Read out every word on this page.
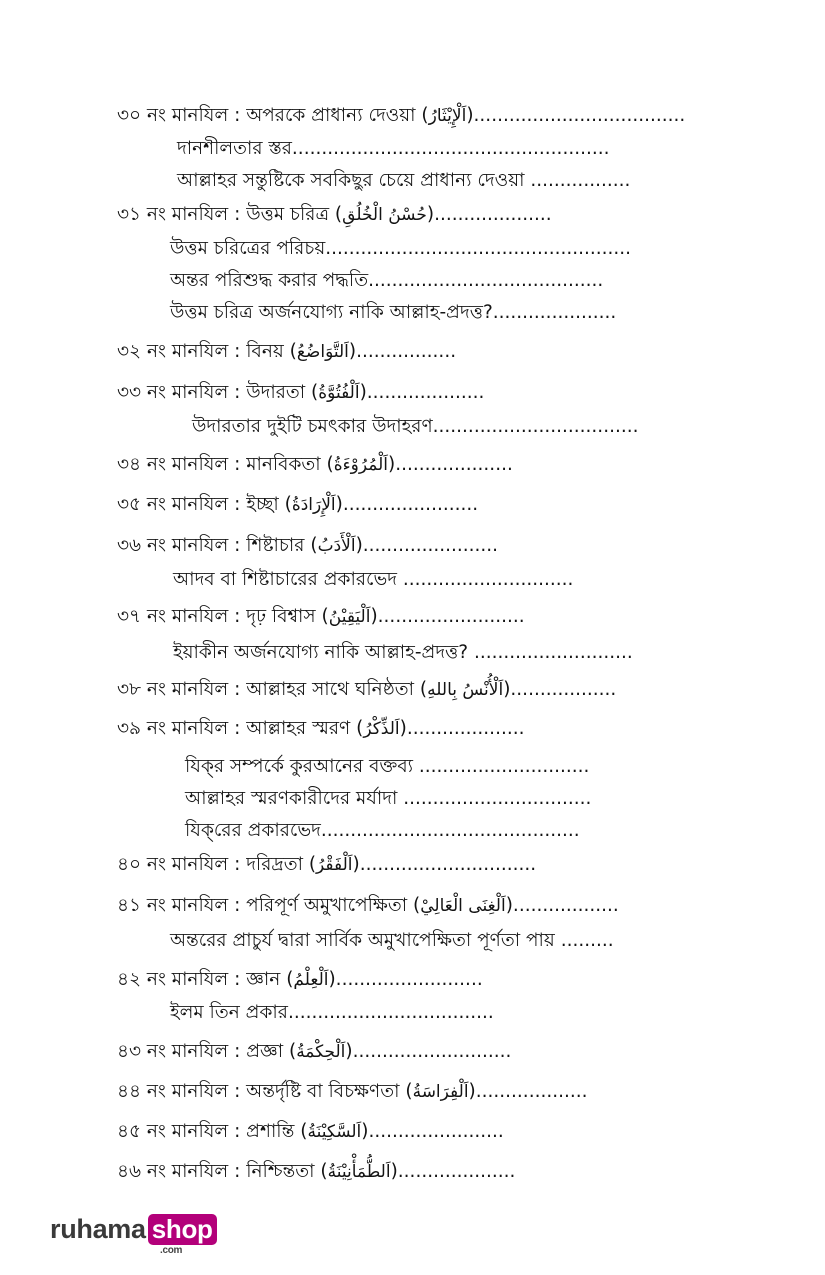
৩০ নং মানযিল : অপরকে প্রাধান্য দেওয়া (اَلْإِيْثَارُ)....................................
দানশীলতার স্তর......................................................
আল্লাহর সন্তুষ্টিকে সবকিছুর চেয়ে প্রাধান্য দেওয়া .................
৩১ নং মানযিল : উত্তম চরিত্র (حُسْنُ الْخُلُقِ)....................
উত্তম চরিত্রের পরিচয়....................................................
অন্তর পরিশুদ্ধ করার পদ্ধতি........................................
উত্তম চরিত্র অর্জনযোগ্য নাকি আল্লাহ-প্রদত্ত?.....................
৩২ নং মানযিল : বিনয় (اَلتَّوَاضُعُ).................
৩৩ নং মানযিল : উদারতা (اَلْفُتُوَّةُ)....................
উদারতার দুইটি চমৎকার উদাহরণ...................................
৩৪ নং মানযিল : মানবিকতা (اَلْمُرُوْءَةُ)....................
৩৫ নং মানযিল : ইচ্ছা (اَلْإِرَادَةُ).......................
৩৬ নং মানযিল : শিষ্টাচার (اَلْأَدَبُ).......................
আদব বা শিষ্টাচারের প্রকারভেদ .............................
৩৭ নং মানযিল : দৃঢ় বিশ্বাস (اَلْيَقِيْنُ).........................
ইয়াকীন অর্জনযোগ্য নাকি আল্লাহ-প্রদত্ত? ...........................
৩৮ নং মানযিল : আল্লাহর সাথে ঘনিষ্ঠতা (اَلْأُنْسُ بِاللهِ)..................
৩৯ নং মানযিল : আল্লাহর স্মরণ (اَلذِّكْرُ)....................
যিক্‌র সম্পর্কে কুরআনের বক্তব্য .............................
আল্লাহর স্মরণকারীদের মর্যাদা ................................
যিক্‌রের প্রকারভেদ............................................
৪০ নং মানযিল : দরিদ্রতা (اَلْفَقْرُ)..............................
৪১ নং মানযিল : পরিপূর্ণ অমুখাপেক্ষিতা (اَلْغِنَى الْعَالِيْ)..................
অন্তরের প্রাচুর্য দ্বারা সার্বিক অমুখাপেক্ষিতা পূর্ণতা পায় .........
৪২ নং মানযিল : জ্ঞান (اَلْعِلْمُ).........................
ইলম তিন প্রকার...................................
৪৩ নং মানযিল : প্রজ্ঞা (اَلْحِكْمَةُ)...........................
৪৪ নং মানযিল : অন্তর্দৃষ্টি বা বিচক্ষণতা (اَلْفِرَاسَةُ)...................
৪৫ নং মানযিল : প্রশান্তি (اَلسَّكِيْنَةُ).......................
৪৬ নং মানযিল : নিশ্চিন্ততা (اَلطُّمَأْنِيْنَةُ)....................
ruhama shop
.com
